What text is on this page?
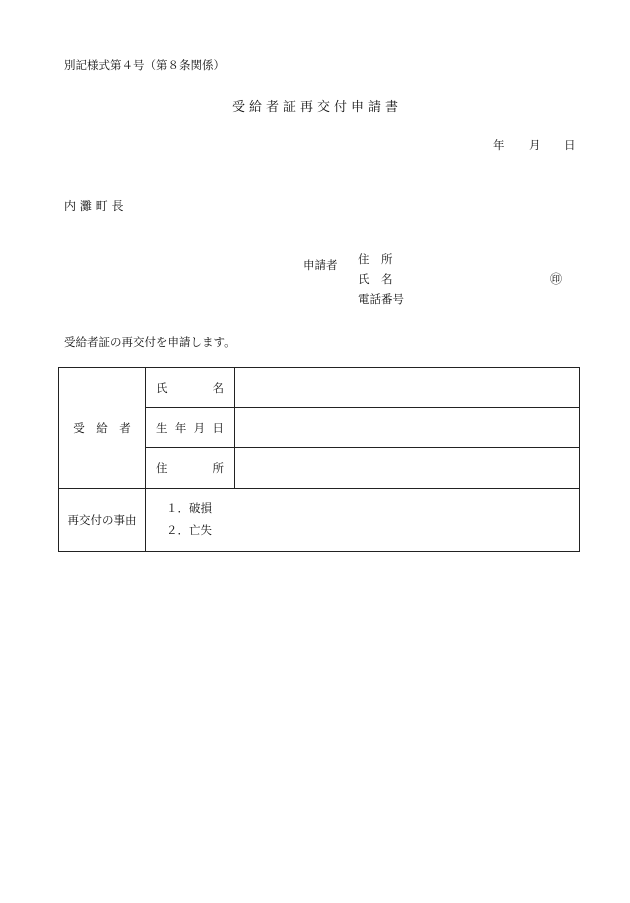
別記様式第４号（第８条関係）
受給者証再交付申請書
年 月 日
内 灘 町 長
申請者 住　所
氏　名	㊞
電話番号
受給者証の再交付を申請します。
受　給　者	氏 名	

	生 年 月 日	

	住 所	

再交付の事由	１．破損
２．亡失	
